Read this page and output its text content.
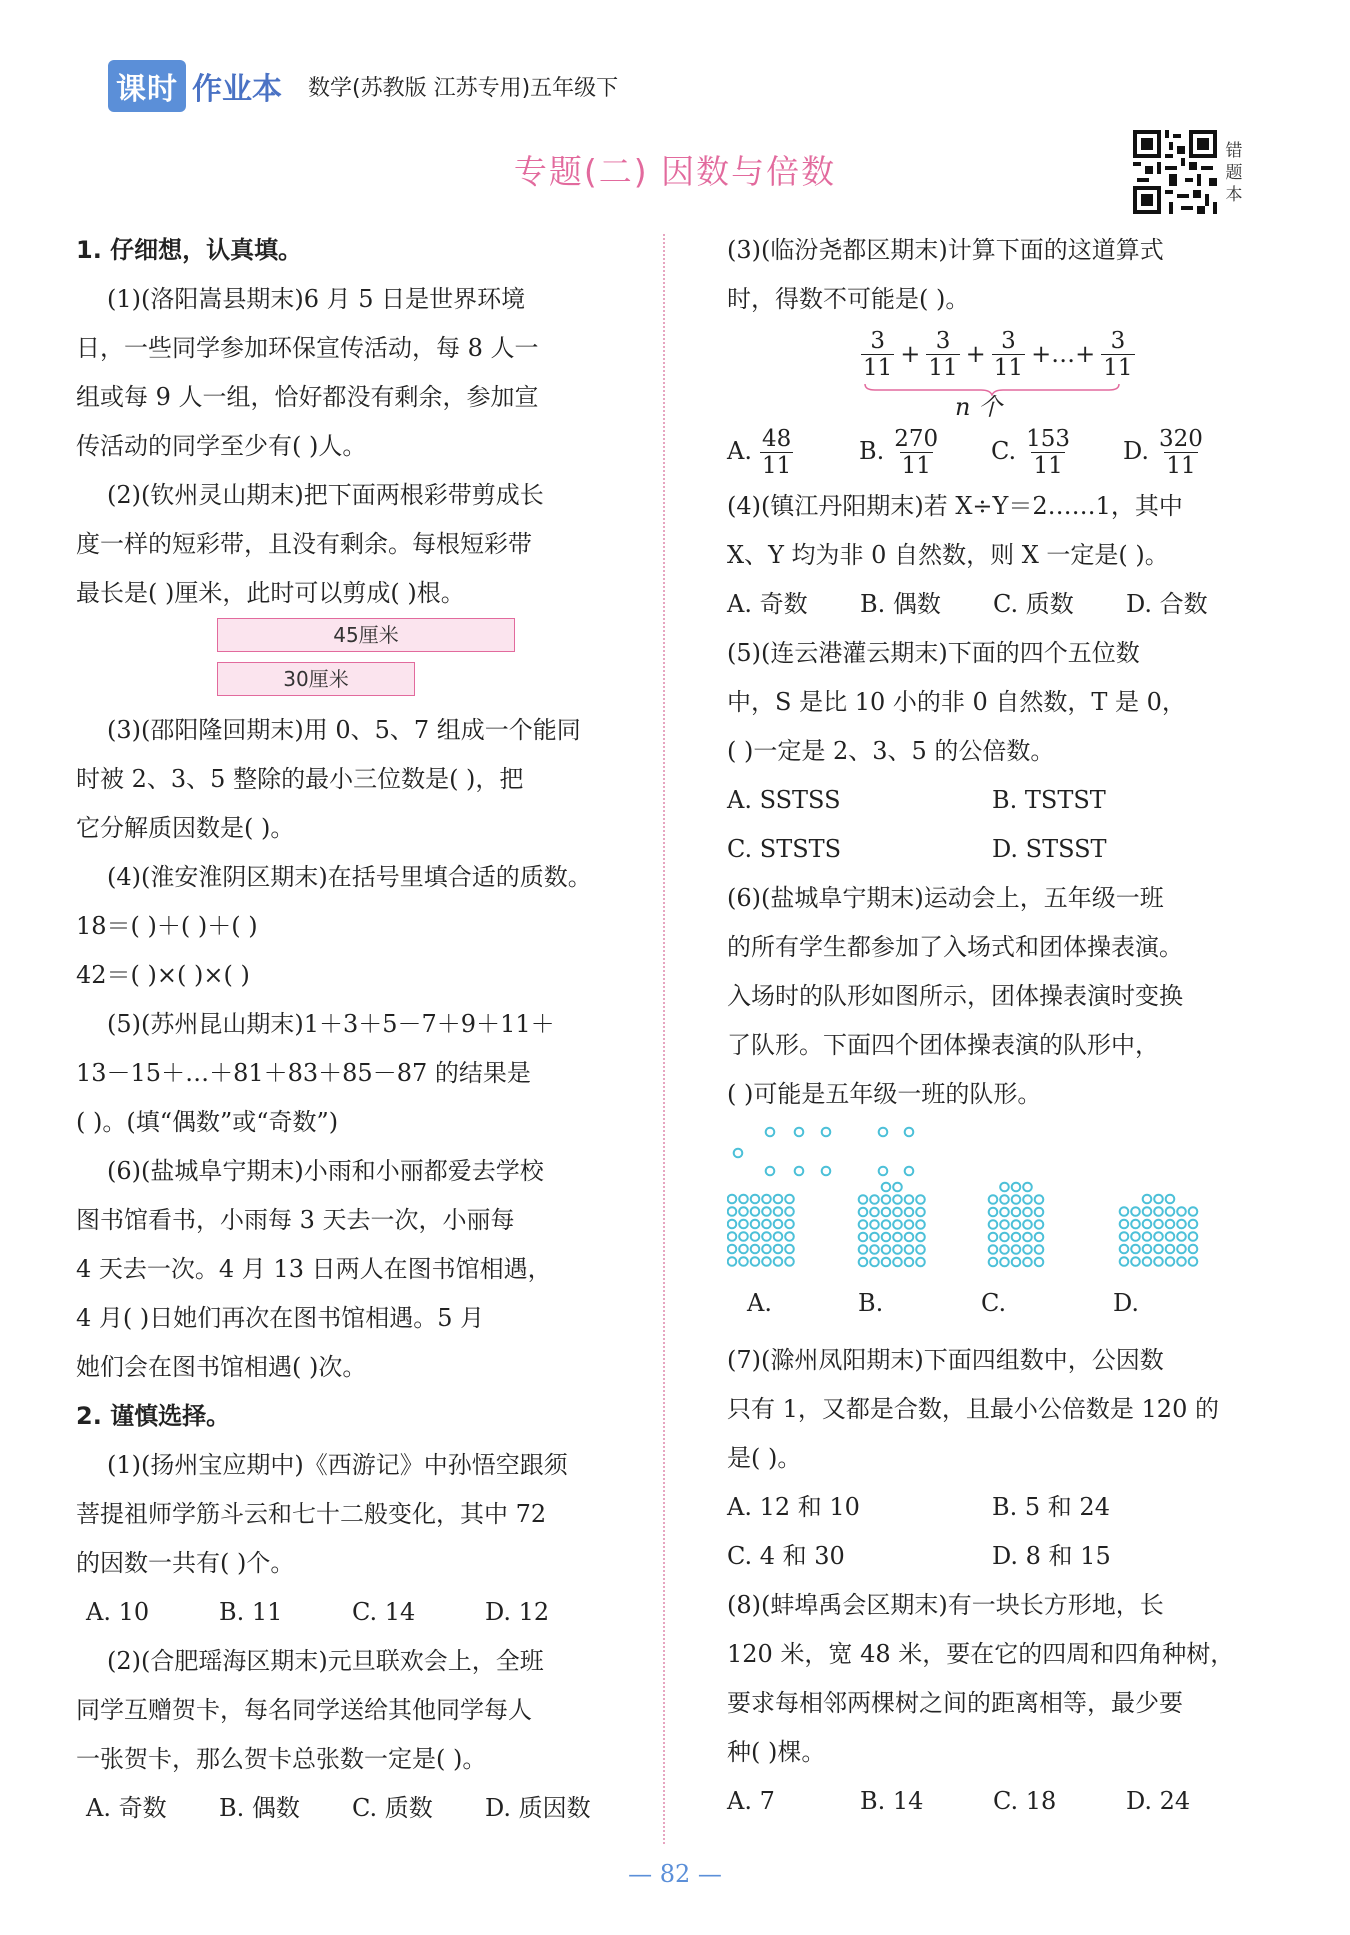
课时 作业本 数学(苏教版 江苏专用)五年级下
专题(二) 因数与倍数
错题本
1. 仔细想，认真填。
(1)(洛阳嵩县期末)6 月 5 日是世界环境
日，一些同学参加环保宣传活动，每 8 人一
组或每 9 人一组，恰好都没有剩余，参加宣
传活动的同学至少有( )人。
(2)(钦州灵山期末)把下面两根彩带剪成长
度一样的短彩带，且没有剩余。每根短彩带
最长是( )厘米，此时可以剪成( )根。
45厘米
30厘米
(3)(邵阳隆回期末)用 0、5、7 组成一个能同
时被 2、3、5 整除的最小三位数是( )，把
它分解质因数是( )。
(4)(淮安淮阴区期末)在括号里填合适的质数。
18＝( )＋( )＋( )
42＝( )×( )×( )
(5)(苏州昆山期末)1＋3＋5－7＋9＋11＋
13－15＋…＋81＋83＋85－87 的结果是
( )。(填“偶数”或“奇数”)
(6)(盐城阜宁期末)小雨和小丽都爱去学校
图书馆看书，小雨每 3 天去一次，小丽每
4 天去一次。4 月 13 日两人在图书馆相遇，
4 月( )日她们再次在图书馆相遇。5 月
她们会在图书馆相遇( )次。
2. 谨慎选择。
(1)(扬州宝应期中)《西游记》中孙悟空跟须
菩提祖师学筋斗云和七十二般变化，其中 72
的因数一共有( )个。
A. 10	B. 11	C. 14	D. 12
(2)(合肥瑶海区期末)元旦联欢会上，全班
同学互赠贺卡，每名同学送给其他同学每人
一张贺卡，那么贺卡总张数一定是( )。
A. 奇数 B. 偶数 C. 质数 D. 质因数
(3)(临汾尧都区期末)计算下面的这道算式
时，得数不可能是( )。
$\frac{3}{11} + \frac{3}{11} + \frac{3}{11}$ +…+ $\frac{3}{11}$
n 个
A. $\frac{48}{11}$	B. $\frac{270}{11} C$. $\frac{153}{11} D$. $\frac{320}{11}$
(4)(镇江丹阳期末)若 X÷Y＝2……1，其中
X、Y 均为非 0 自然数，则 X 一定是( )。
A. 奇数 B. 偶数 C. 质数 D. 合数
(5)(连云港灌云期末)下面的四个五位数
中，S 是比 10 小的非 0 自然数，T 是 0，
( )一定是 2、3、5 的公倍数。
A. SSTSS	B. TSTST
C. STSTS	D. STSST
(6)(盐城阜宁期末)运动会上，五年级一班
的所有学生都参加了入场式和团体操表演。
入场时的队形如图所示，团体操表演时变换
了队形。下面四个团体操表演的队形中，
( )可能是五年级一班的队形。
A.	B.	C.	D.
(7)(滁州凤阳期末)下面四组数中，公因数
只有 1，又都是合数，且最小公倍数是 120 的
是( )。
A. 12 和 10	B. 5 和 24
C. 4 和 30	D. 8 和 15
(8)(蚌埠禹会区期末)有一块长方形地，长
120 米，宽 48 米，要在它的四周和四角种树，
要求每相邻两棵树之间的距离相等，最少要
种( )棵。
A. 7	B. 14	C. 18	D. 24
— 82 —
